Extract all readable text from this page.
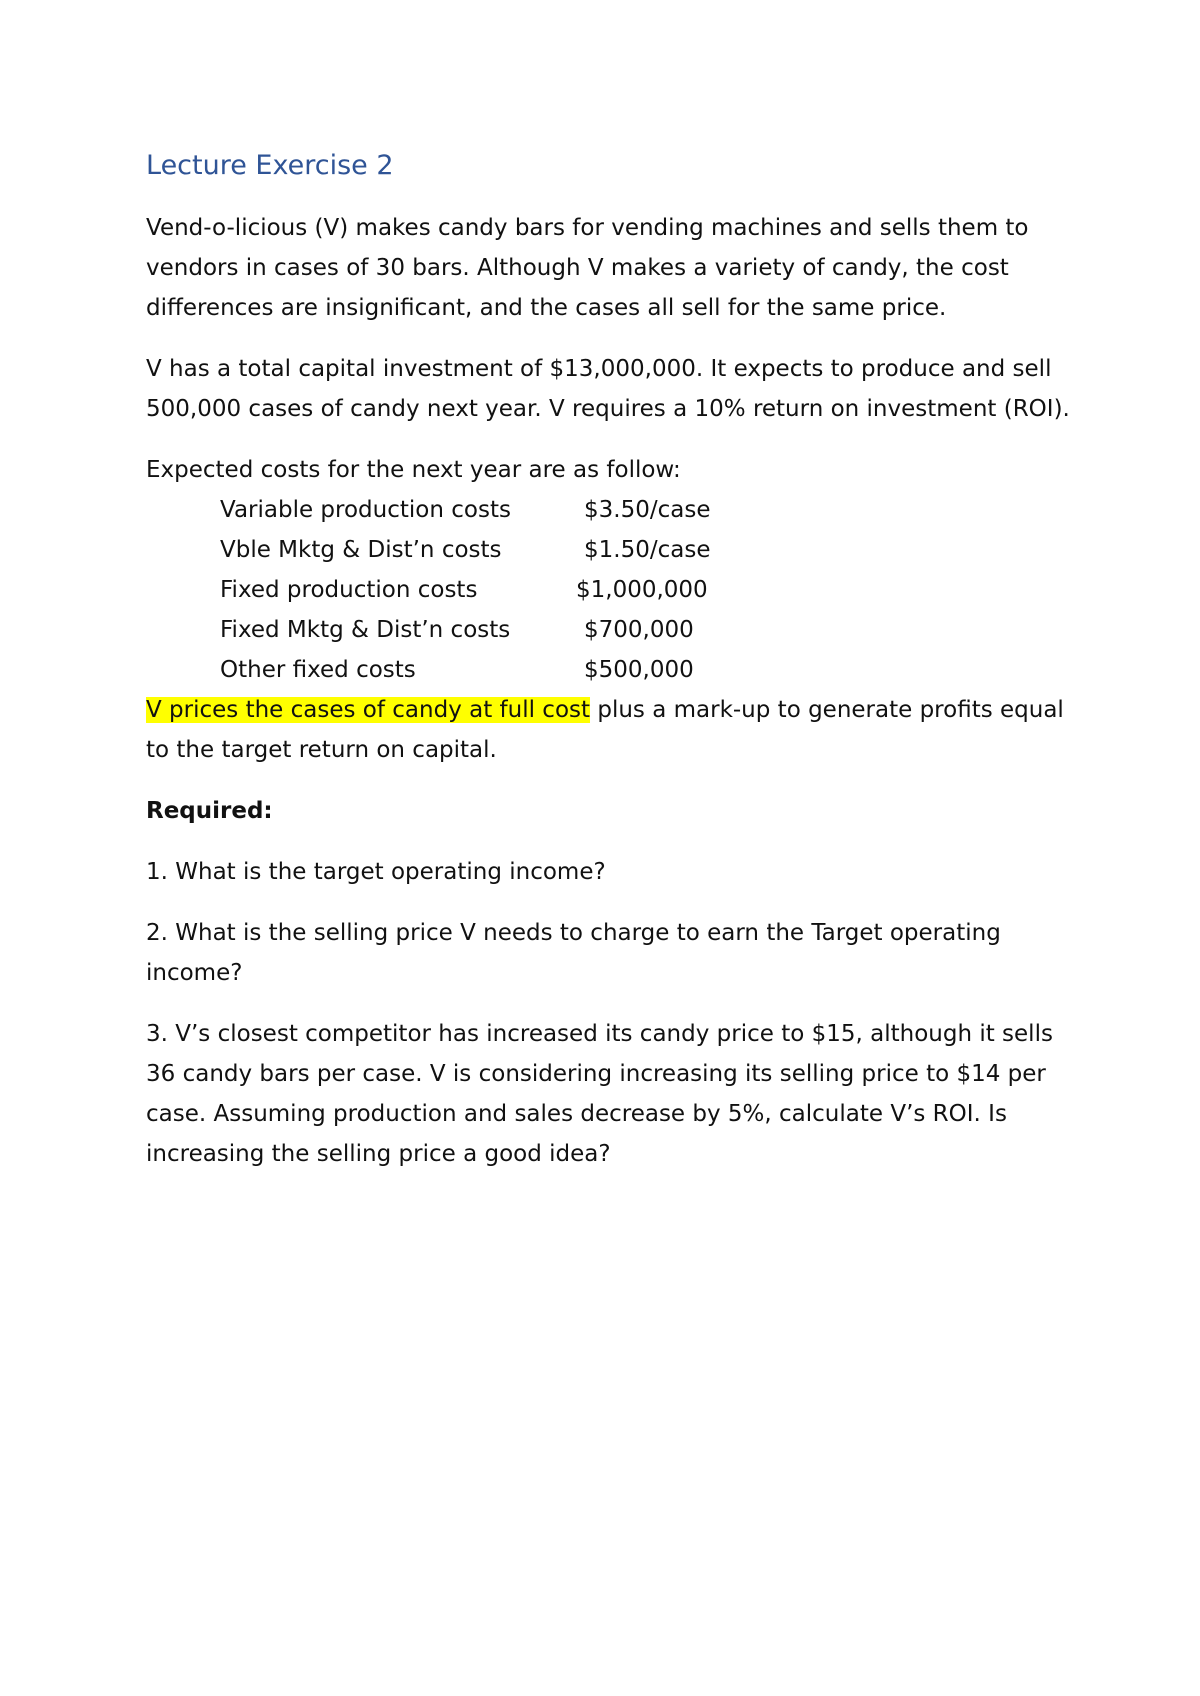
Lecture Exercise 2

Vend-o-licious (V) makes candy bars for vending machines and sells them to vendors in cases of 30 bars. Although V makes a variety of candy, the cost differences are insignificant, and the cases all sell for the same price.

V has a total capital investment of $13,000,000. It expects to produce and sell 500,000 cases of candy next year. V requires a 10% return on investment (ROI).

Expected costs for the next year are as follow:

Variable production costs	$3.50/case
Vble Mktg & Dist’n costs	$1.50/case
Fixed production costs	$1,000,000
Fixed Mktg & Dist’n costs	$700,000
Other fixed costs	$500,000

V prices the cases of candy at full cost plus a mark-up to generate profits equal to the target return on capital.

Required:

1. What is the target operating income?

2. What is the selling price V needs to charge to earn the Target operating income?

3. V’s closest competitor has increased its candy price to $15, although it sells 36 candy bars per case. V is considering increasing its selling price to $14 per case. Assuming production and sales decrease by 5%, calculate V’s ROI. Is increasing the selling price a good idea?
